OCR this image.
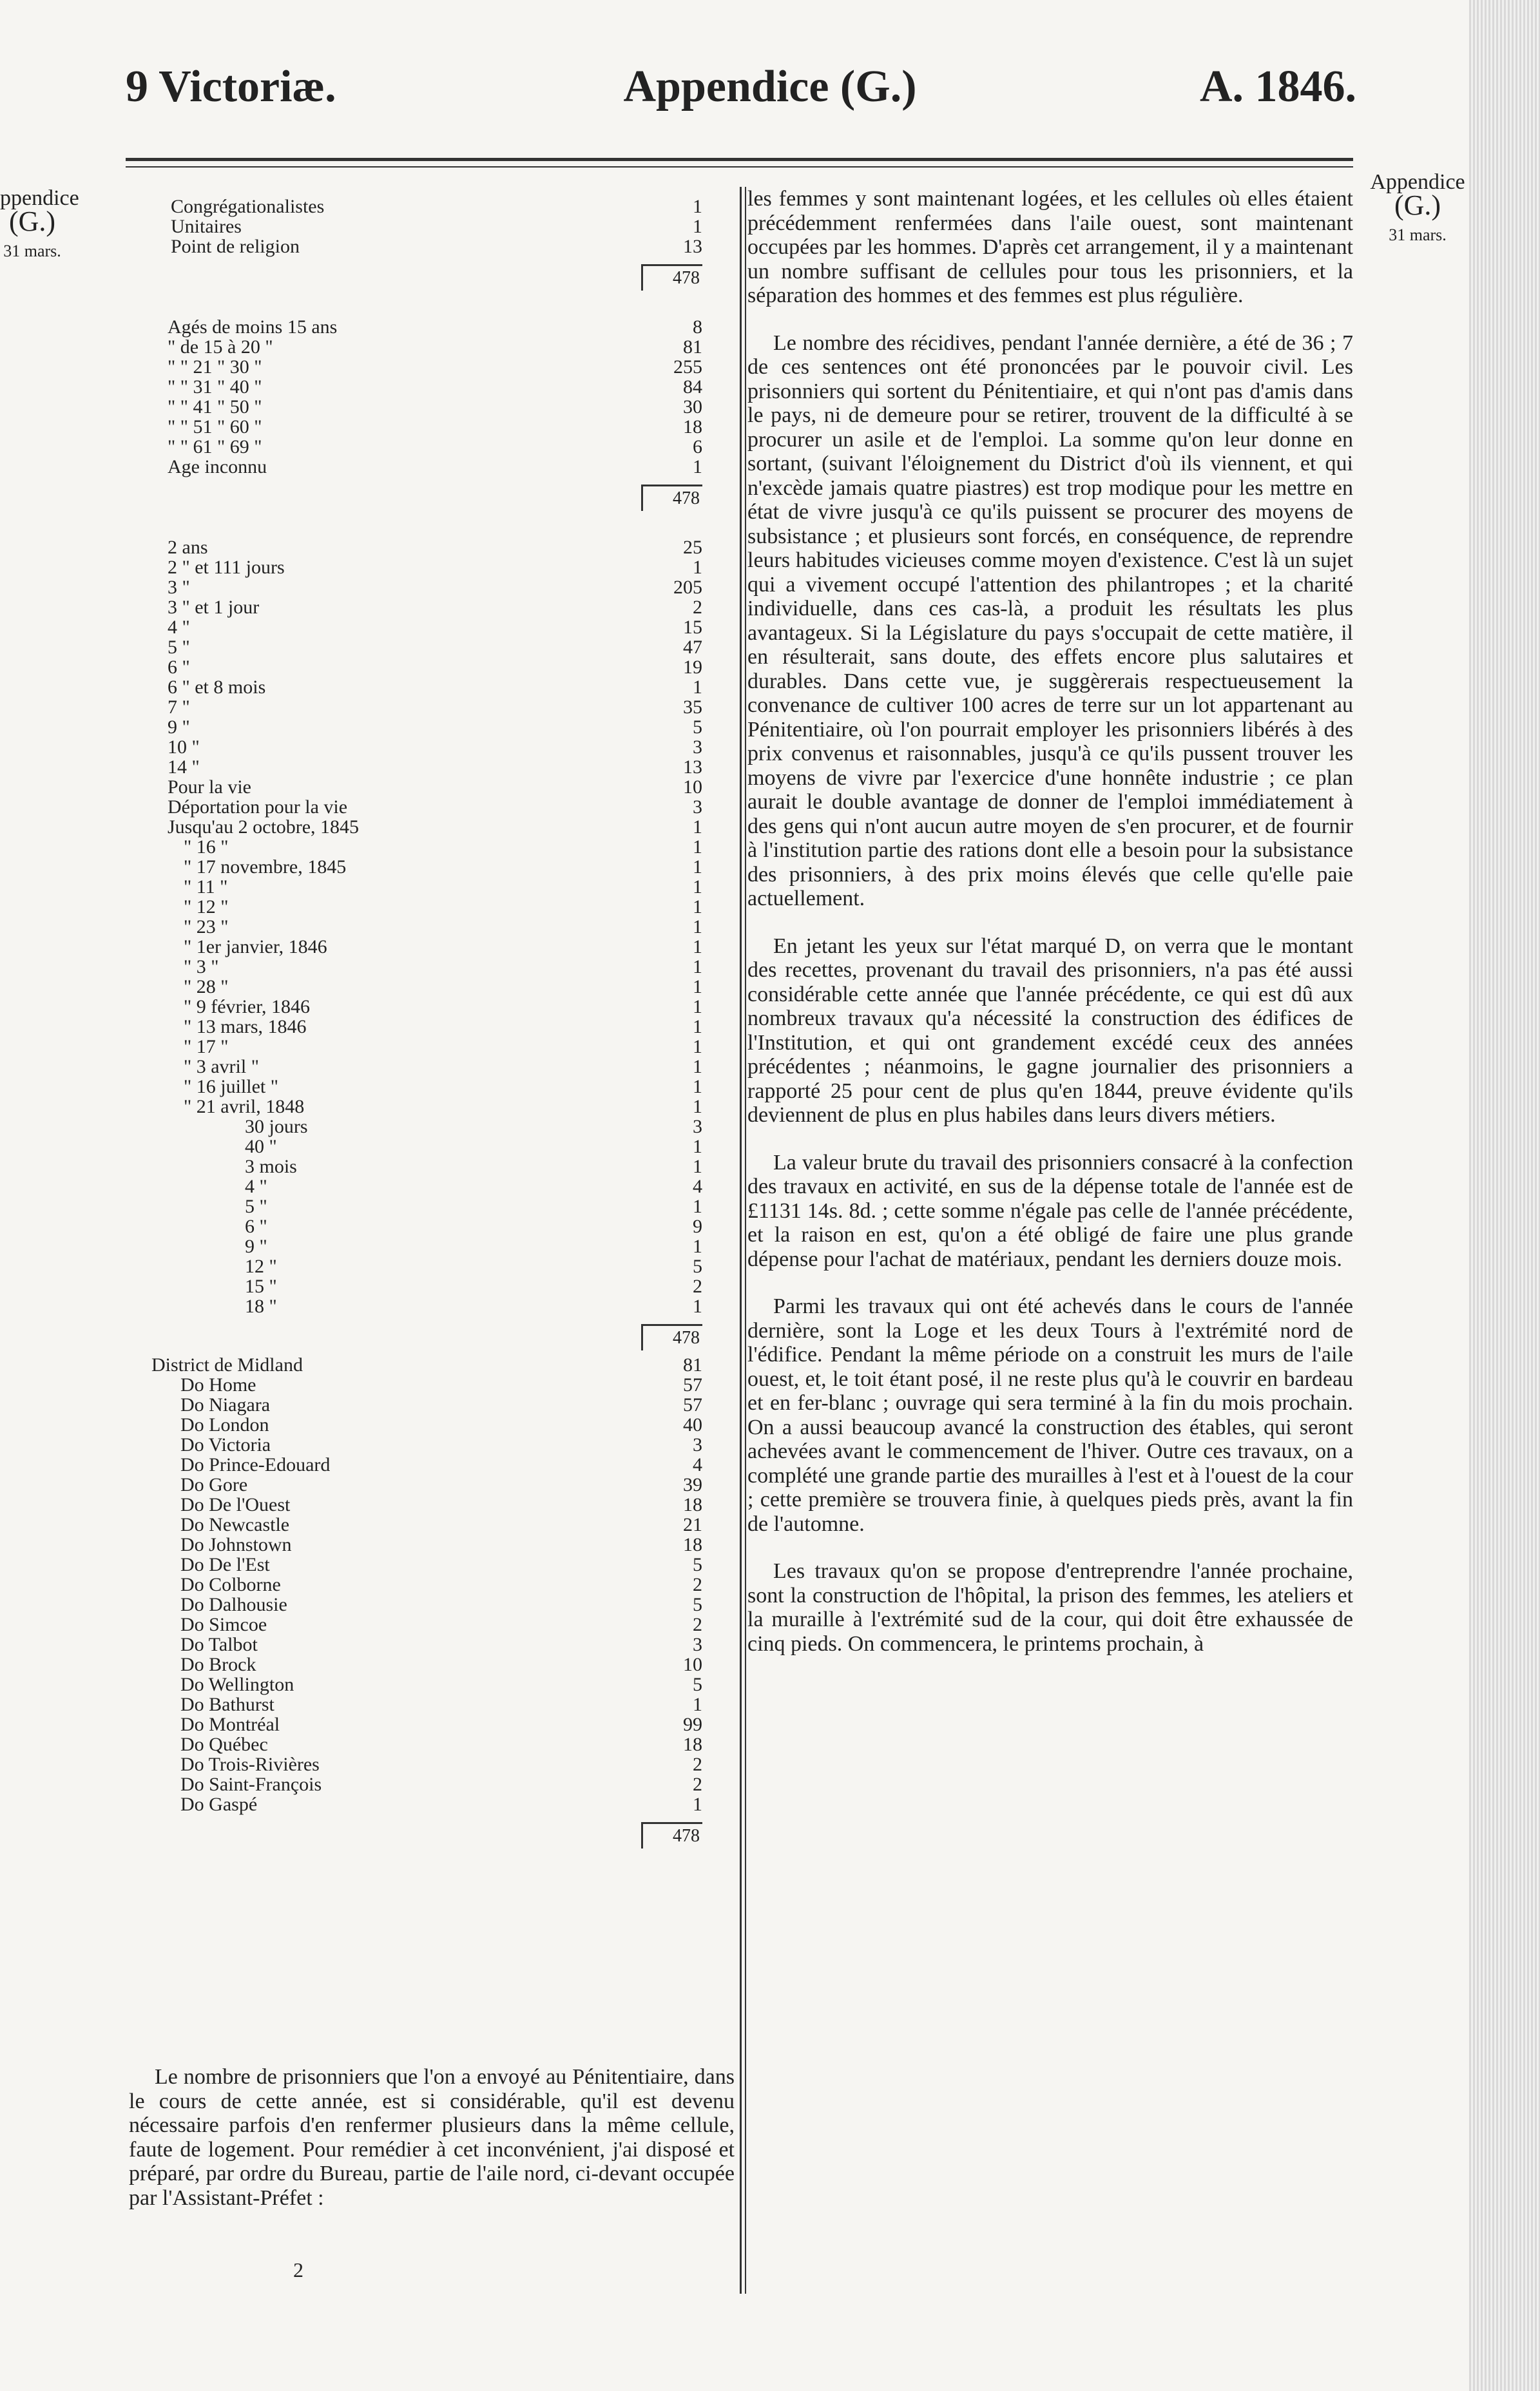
9 Victoriæ.	Appendice (G.)	A. 1846.
ppendice
(G.)
31 mars.
Appendice
(G.)
31 mars.
Congrégationalistes	1
Unitaires	1
Point de religion	13
478
Agés de moins 15 ans	8
" de 15 à 20 "	81
" " 21 " 30 "	255
" " 31 " 40 "	84
" " 41 " 50 "	30
" " 51 " 60 "	18
" " 61 " 69 "	6
Age inconnu	1
478
2 ans	25
2 " et 111 jours	1
3 "	205
3 " et 1 jour	2
4 "	15
5 "	47
6 "	19
6 " et 8 mois	1
7 "	35
9 "	5
10 "	3
14 "	13
Pour la vie	10
Déportation pour la vie	3
Jusqu'au 2 octobre, 1845	1
" 16 "	1
" 17 novembre, 1845	1
" 11 "	1
" 12 "	1
" 23 "	1
" 1er janvier, 1846	1
" 3 "	1
" 28 "	1
" 9 février, 1846	1
" 13 mars, 1846	1
" 17 "	1
" 3 avril "	1
" 16 juillet "	1
" 21 avril, 1848	1
30 jours	3
40 "	1
3 mois	1
4 "	4
5 "	1
6 "	9
9 "	1
12 "	5
15 "	2
18 "	1
478
District de Midland	81
Do Home	57
Do Niagara	57
Do London	40
Do Victoria	3
Do Prince-Edouard	4
Do Gore	39
Do De l'Ouest	18
Do Newcastle	21
Do Johnstown	18
Do De l'Est	5
Do Colborne	2
Do Dalhousie	5
Do Simcoe	2
Do Talbot	3
Do Brock	10
Do Wellington	5
Do Bathurst	1
Do Montréal	99
Do Québec	18
Do Trois-Rivières	2
Do Saint-François	2
Do Gaspé	1
478

Le nombre de prisonniers que l'on a envoyé au Pénitentiaire, dans le cours de cette année, est si considérable, qu'il est devenu nécessaire parfois d'en renfermer plusieurs dans la même cellule, faute de logement. Pour remédier à cet inconvénient, j'ai disposé et préparé, par ordre du Bureau, partie de l'aile nord, ci-devant occupée par l'Assistant-Préfet :

2

les femmes y sont maintenant logées, et les cellules où elles étaient précédemment renfermées dans l'aile ouest, sont maintenant occupées par les hommes. D'après cet arrangement, il y a maintenant un nombre suffisant de cellules pour tous les prisonniers, et la séparation des hommes et des femmes est plus régulière.

Le nombre des récidives, pendant l'année dernière, a été de 36 ; 7 de ces sentences ont été prononcées par le pouvoir civil. Les prisonniers qui sortent du Pénitentiaire, et qui n'ont pas d'amis dans le pays, ni de demeure pour se retirer, trouvent de la difficulté à se procurer un asile et de l'emploi. La somme qu'on leur donne en sortant, (suivant l'éloignement du District d'où ils viennent, et qui n'excède jamais quatre piastres) est trop modique pour les mettre en état de vivre jusqu'à ce qu'ils puissent se procurer des moyens de subsistance ; et plusieurs sont forcés, en conséquence, de reprendre leurs habitudes vicieuses comme moyen d'existence. C'est là un sujet qui a vivement occupé l'attention des philantropes ; et la charité individuelle, dans ces cas-là, a produit les résultats les plus avantageux. Si la Législature du pays s'occupait de cette matière, il en résulterait, sans doute, des effets encore plus salutaires et durables. Dans cette vue, je suggèrerais respectueusement la convenance de cultiver 100 acres de terre sur un lot appartenant au Pénitentiaire, où l'on pourrait employer les prisonniers libérés à des prix convenus et raisonnables, jusqu'à ce qu'ils pussent trouver les moyens de vivre par l'exercice d'une honnête industrie ; ce plan aurait le double avantage de donner de l'emploi immédiatement à des gens qui n'ont aucun autre moyen de s'en procurer, et de fournir à l'institution partie des rations dont elle a besoin pour la subsistance des prisonniers, à des prix moins élevés que celle qu'elle paie actuellement.

En jetant les yeux sur l'état marqué D, on verra que le montant des recettes, provenant du travail des prisonniers, n'a pas été aussi considérable cette année que l'année précédente, ce qui est dû aux nombreux travaux qu'a nécessité la construction des édifices de l'Institution, et qui ont grandement excédé ceux des années précédentes ; néanmoins, le gagne journalier des prisonniers a rapporté 25 pour cent de plus qu'en 1844, preuve évidente qu'ils deviennent de plus en plus habiles dans leurs divers métiers.

La valeur brute du travail des prisonniers consacré à la confection des travaux en activité, en sus de la dépense totale de l'année est de £1131 14s. 8d. ; cette somme n'égale pas celle de l'année précédente, et la raison en est, qu'on a été obligé de faire une plus grande dépense pour l'achat de matériaux, pendant les derniers douze mois.

Parmi les travaux qui ont été achevés dans le cours de l'année dernière, sont la Loge et les deux Tours à l'extrémité nord de l'édifice. Pendant la même période on a construit les murs de l'aile ouest, et, le toit étant posé, il ne reste plus qu'à le couvrir en bardeau et en fer-blanc ; ouvrage qui sera terminé à la fin du mois prochain. On a aussi beaucoup avancé la construction des étables, qui seront achevées avant le commencement de l'hiver. Outre ces travaux, on a complété une grande partie des murailles à l'est et à l'ouest de la cour ; cette première se trouvera finie, à quelques pieds près, avant la fin de l'automne.

Les travaux qu'on se propose d'entreprendre l'année prochaine, sont la construction de l'hôpital, la prison des femmes, les ateliers et la muraille à l'extrémité sud de la cour, qui doit être exhaussée de cinq pieds. On commencera, le printems prochain, à
